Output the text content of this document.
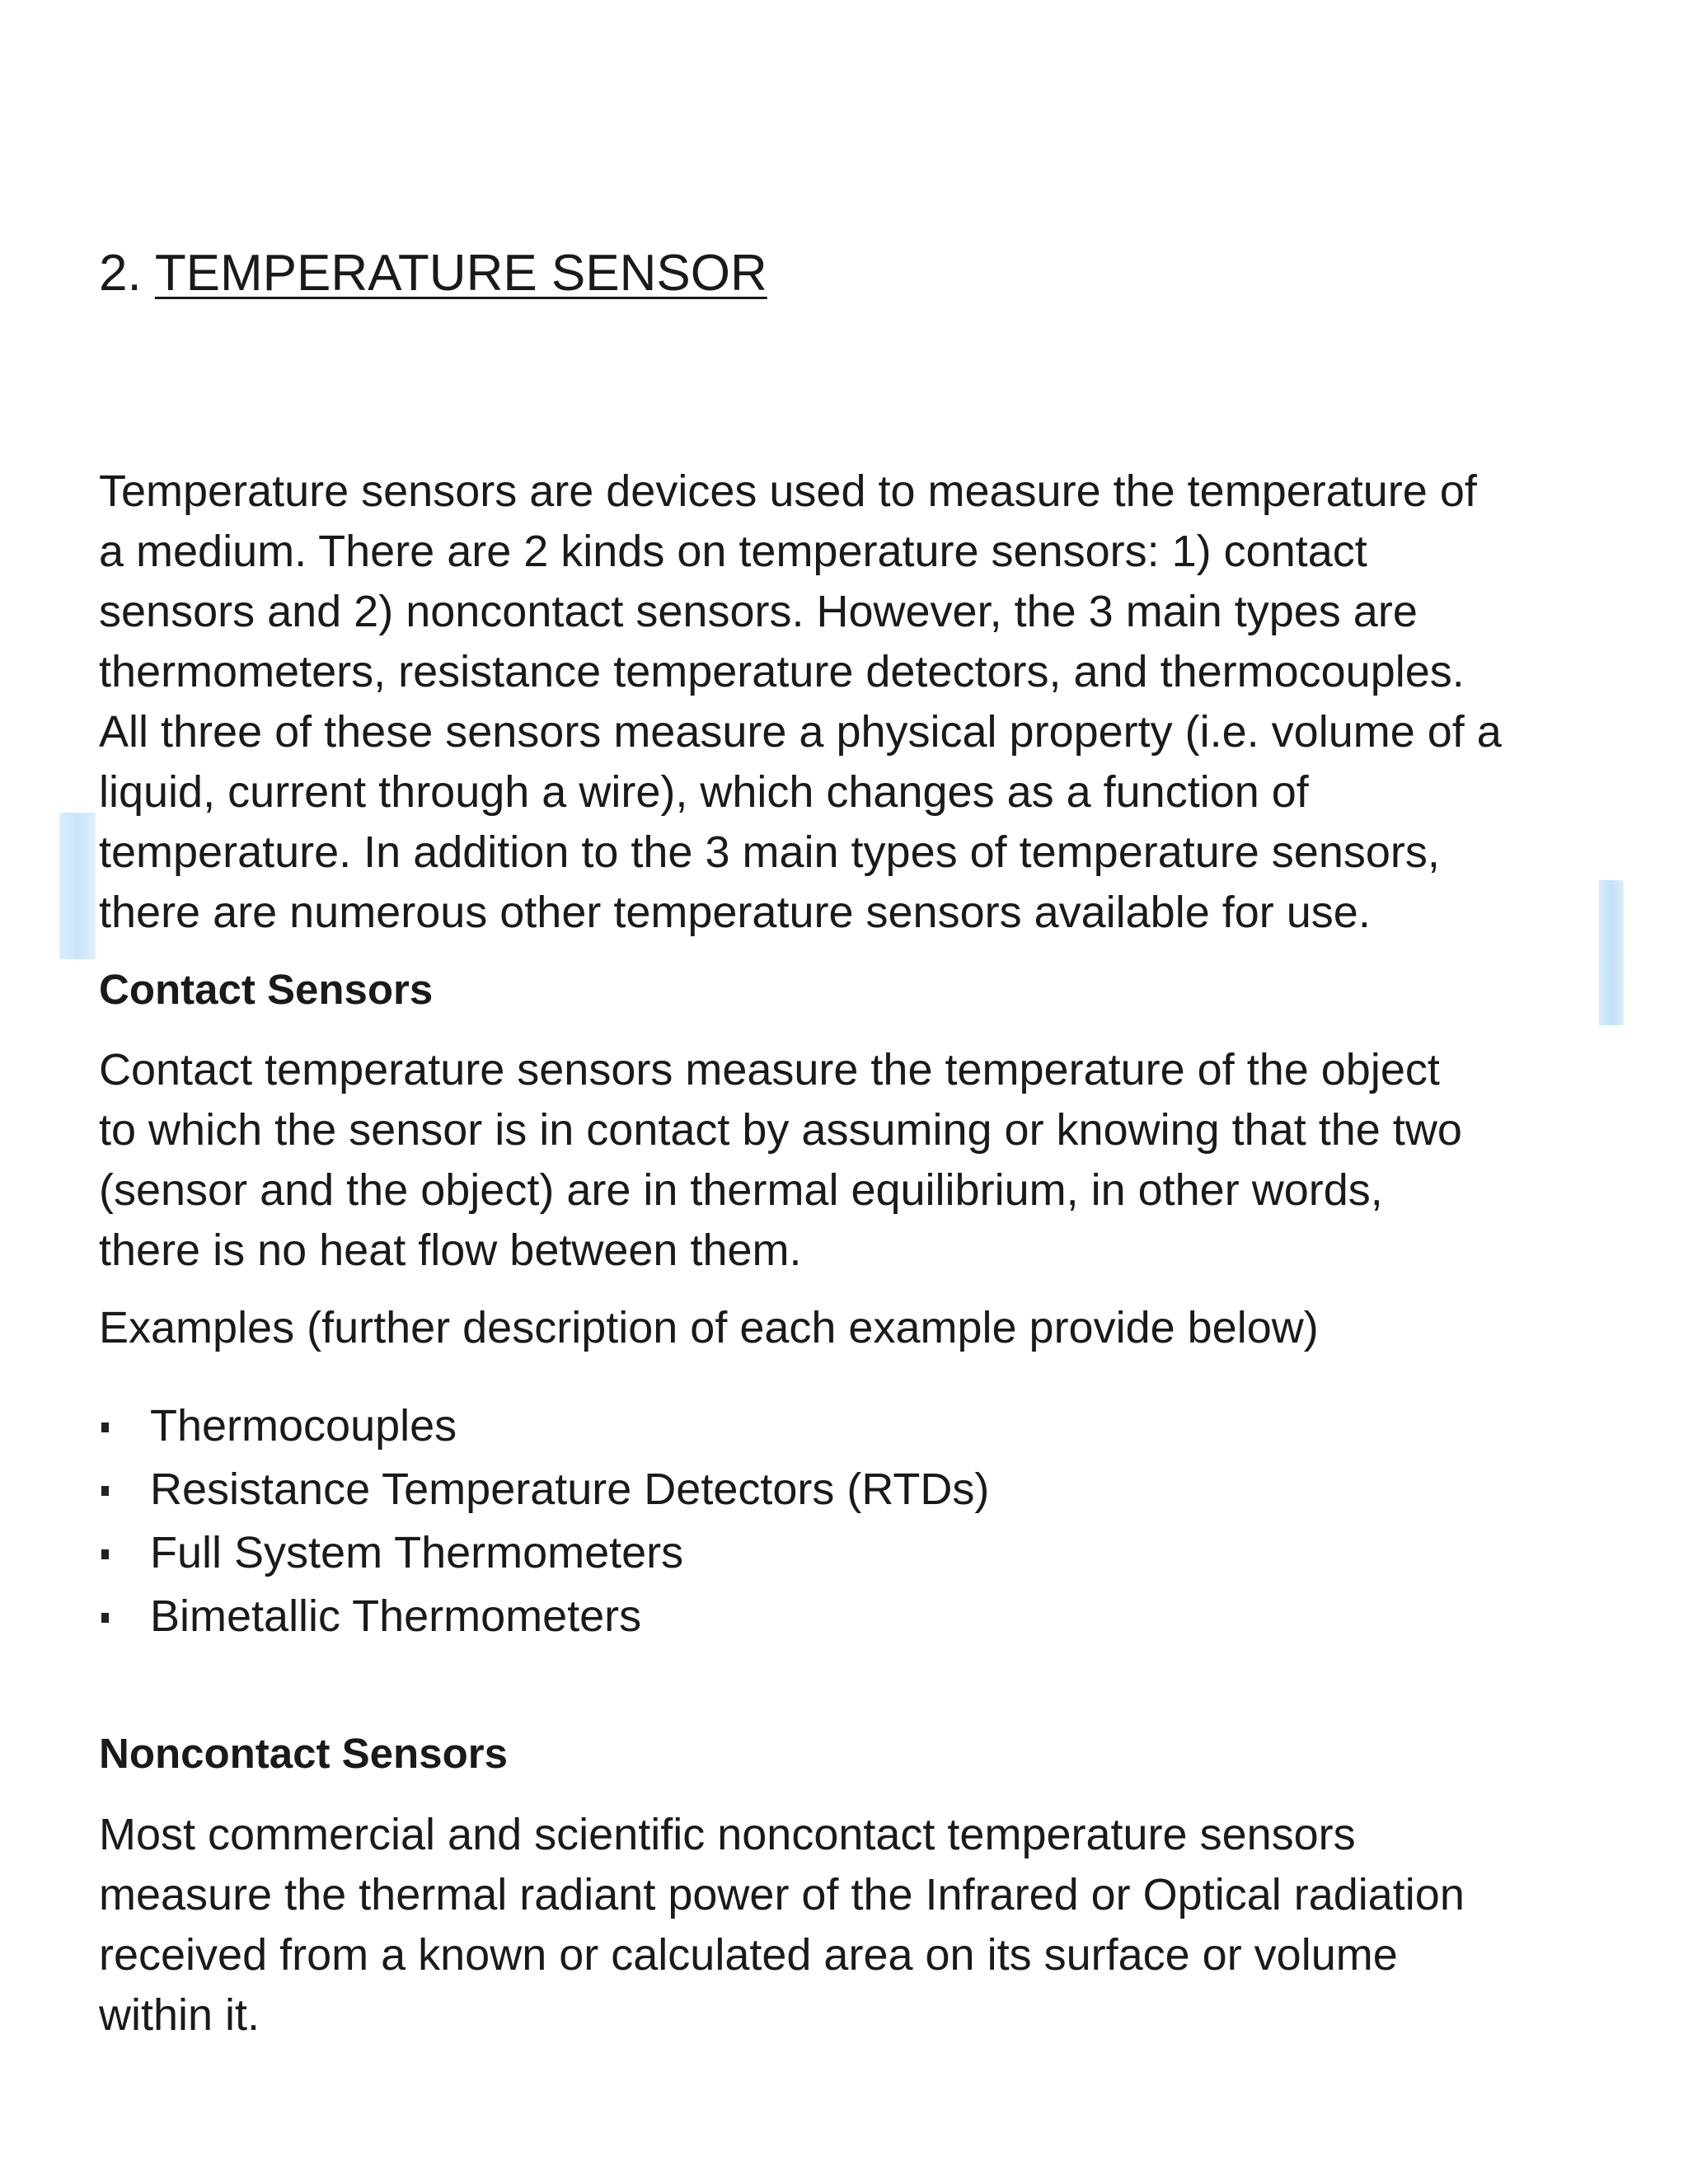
2. TEMPERATURE SENSOR

Temperature sensors are devices used to measure the temperature of
a medium. There are 2 kinds on temperature sensors: 1) contact
sensors and 2) noncontact sensors. However, the 3 main types are
thermometers, resistance temperature detectors, and thermocouples.
All three of these sensors measure a physical property (i.e. volume of a
liquid, current through a wire), which changes as a function of
temperature. In addition to the 3 main types of temperature sensors,
there are numerous other temperature sensors available for use.

Contact Sensors

Contact temperature sensors measure the temperature of the object
to which the sensor is in contact by assuming or knowing that the two
(sensor and the object) are in thermal equilibrium, in other words,
there is no heat flow between them.

Examples (further description of each example provide below)

Thermocouples
Resistance Temperature Detectors (RTDs)
Full System Thermometers
Bimetallic Thermometers
Noncontact Sensors

Most commercial and scientific noncontact temperature sensors
measure the thermal radiant power of the Infrared or Optical radiation
received from a known or calculated area on its surface or volume
within it.
